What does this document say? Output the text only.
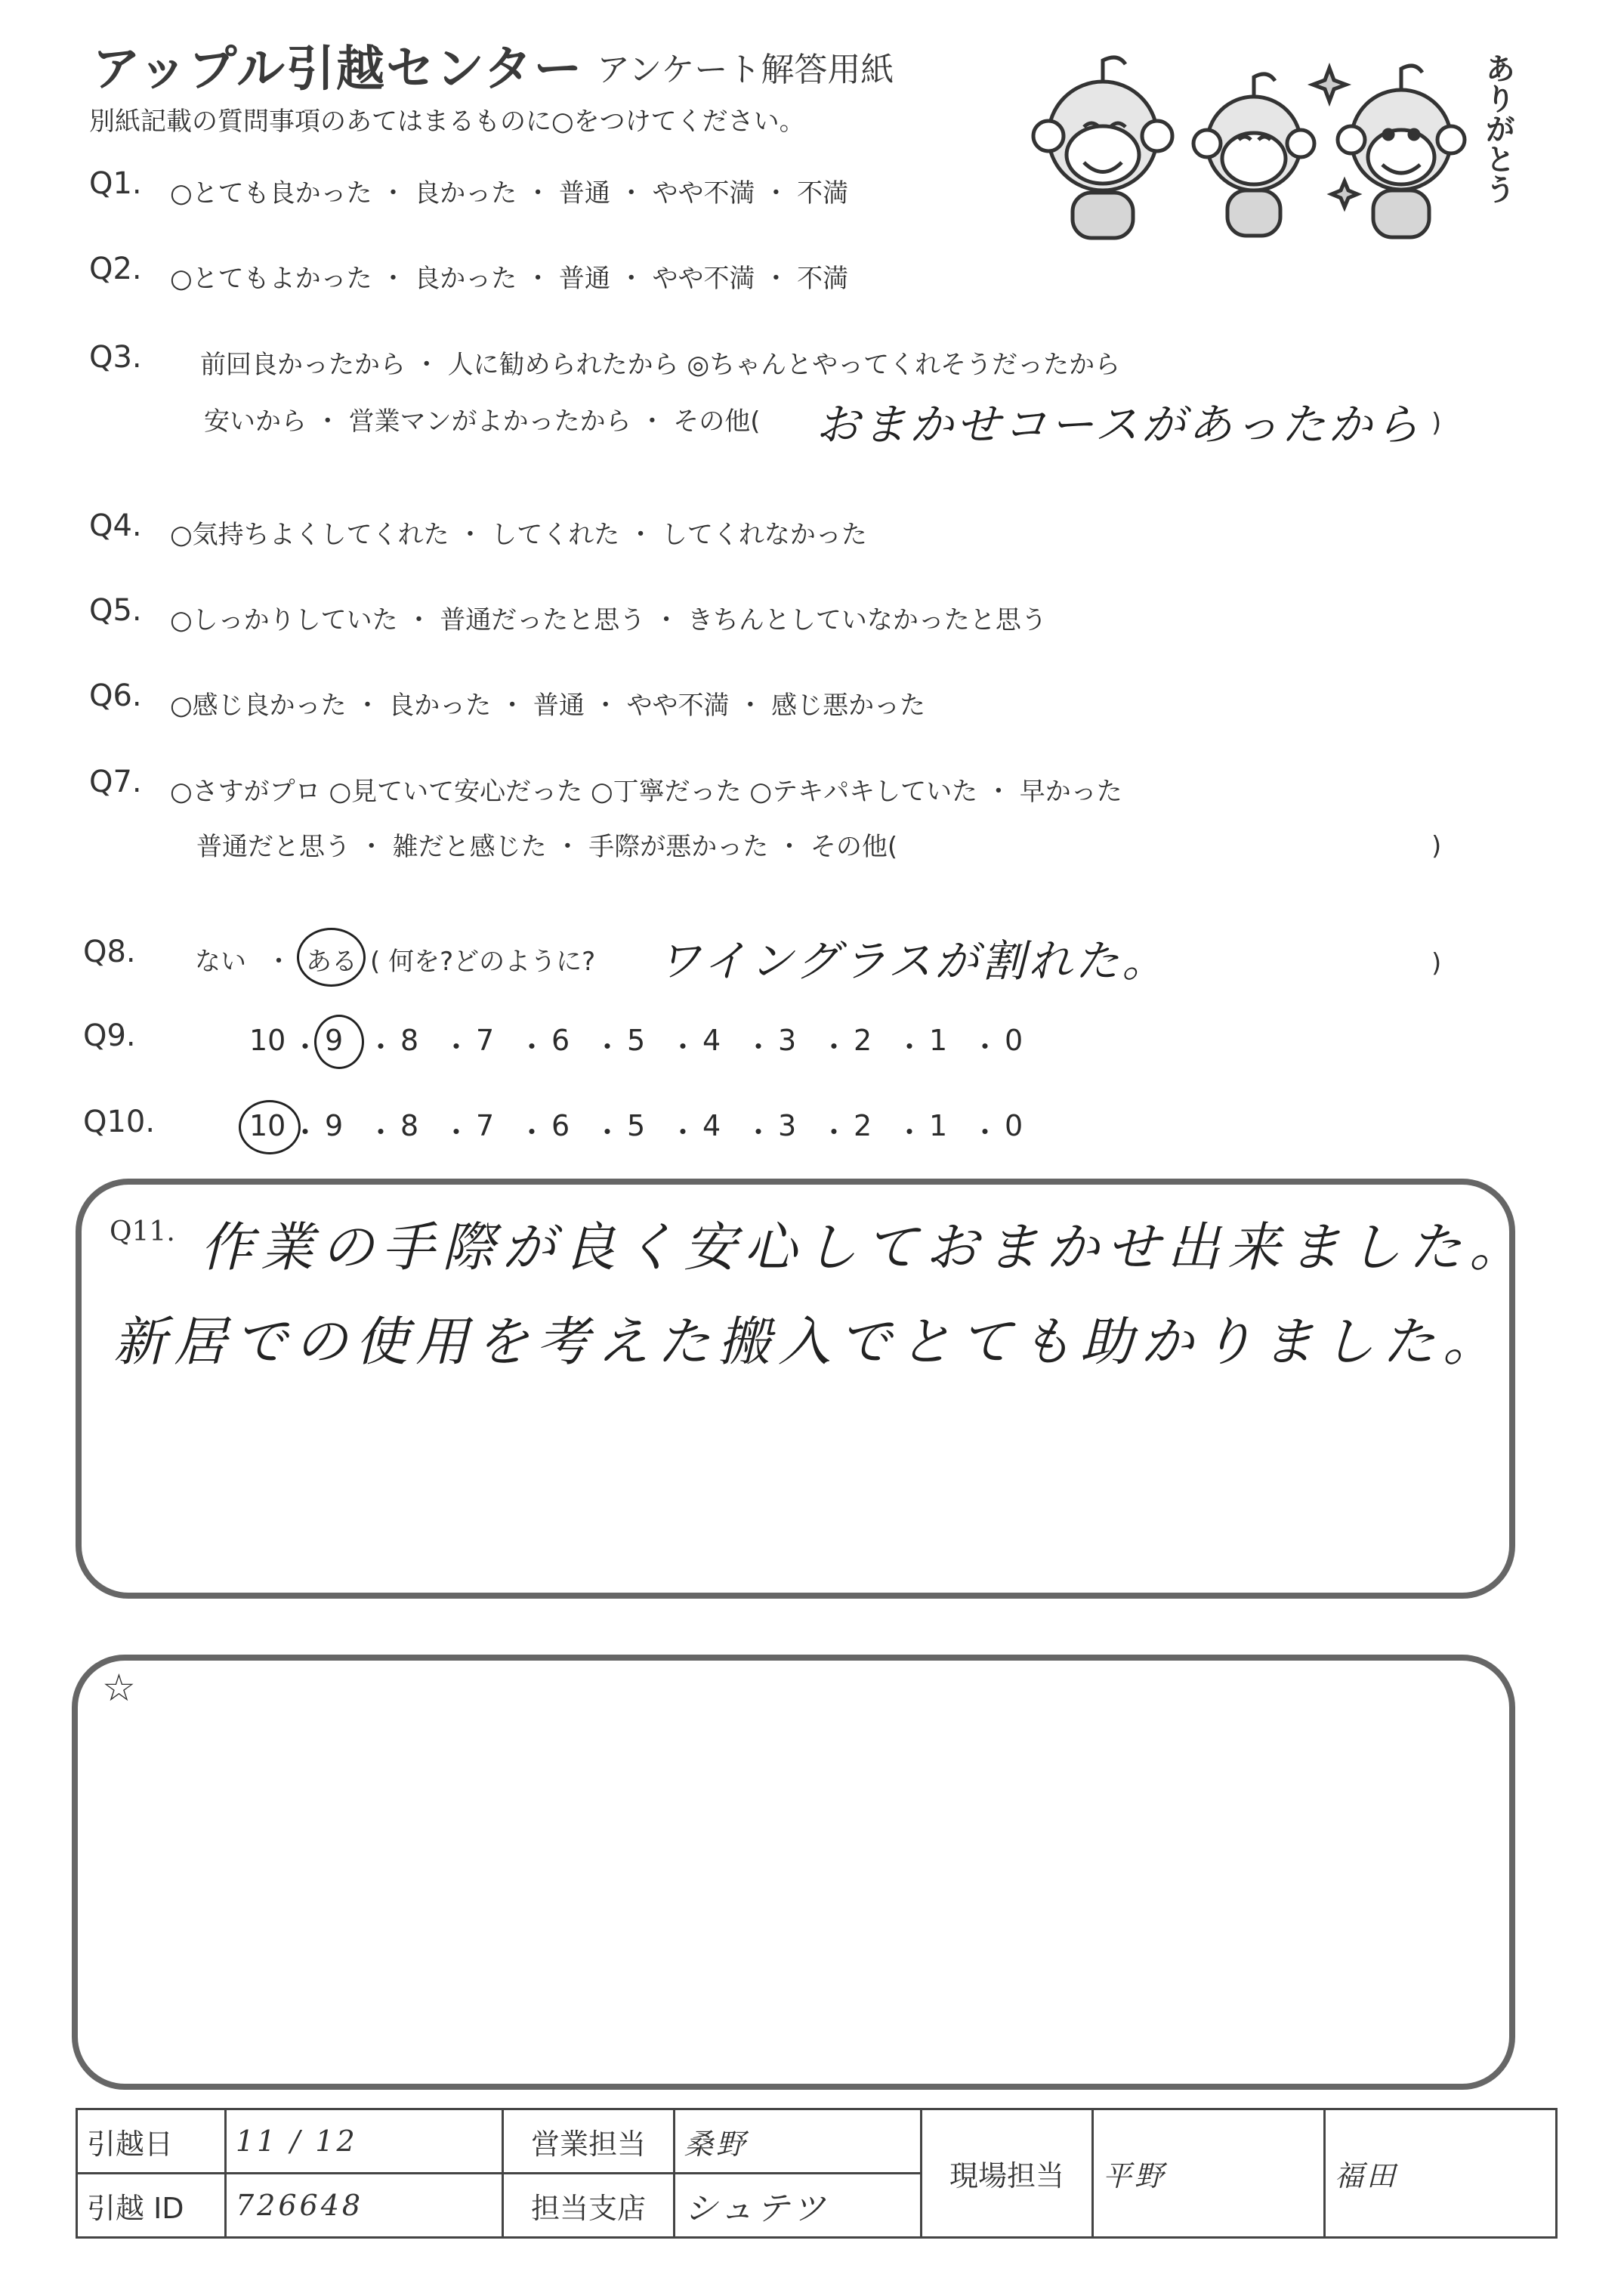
アップル引越センター アンケート解答用紙
別紙記載の質問事項のあてはまるものに○をつけてください。	ありがとう
Q1. ○とても良かった ・ 良かった ・ 普通 ・ やや不満 ・ 不満
Q2. ○とてもよかった ・ 良かった ・ 普通 ・ やや不満 ・ 不満
Q3. 前回良かったから ・ 人に勧められたから ◎ちゃんとやってくれそうだったから
安いから ・ 営業マンがよかったから ・ その他( おまかせコースがあったから )
Q4. ○気持ちよくしてくれた ・ してくれた ・ してくれなかった
Q5. ○しっかりしていた ・ 普通だったと思う ・ きちんとしていなかったと思う
Q6. ○感じ良かった ・ 良かった ・ 普通 ・ やや不満 ・ 感じ悪かった
Q7. ○さすがプロ ○見ていて安心だった ○丁寧だった ○テキパキしていた ・ 早かった
普通だと思う ・ 雑だと感じた ・ 手際が悪かった ・ その他(	)
Q8. ない ・ ある ( 何を?どのように? ワイングラスが割れた。	)
Q9.	10 ・ 9 ・ 8 ・ 7 ・ 6 ・ 5 ・ 4 ・ 3 ・ 2 ・ 1 ・ 0
Q10.	10 ・ 9 ・ 8 ・ 7 ・ 6 ・ 5 ・ 4 ・ 3 ・ 2 ・ 1 ・ 0
Q11. 作業の手際が良く安心しておまかせ出来ました。
新居での使用を考えた搬入でとても助かりました。
☆
引越日	11 / 12	営業担当	桑野	現場担当	平野	福田
引越 ID	726648	担当支店	シュテツ			
